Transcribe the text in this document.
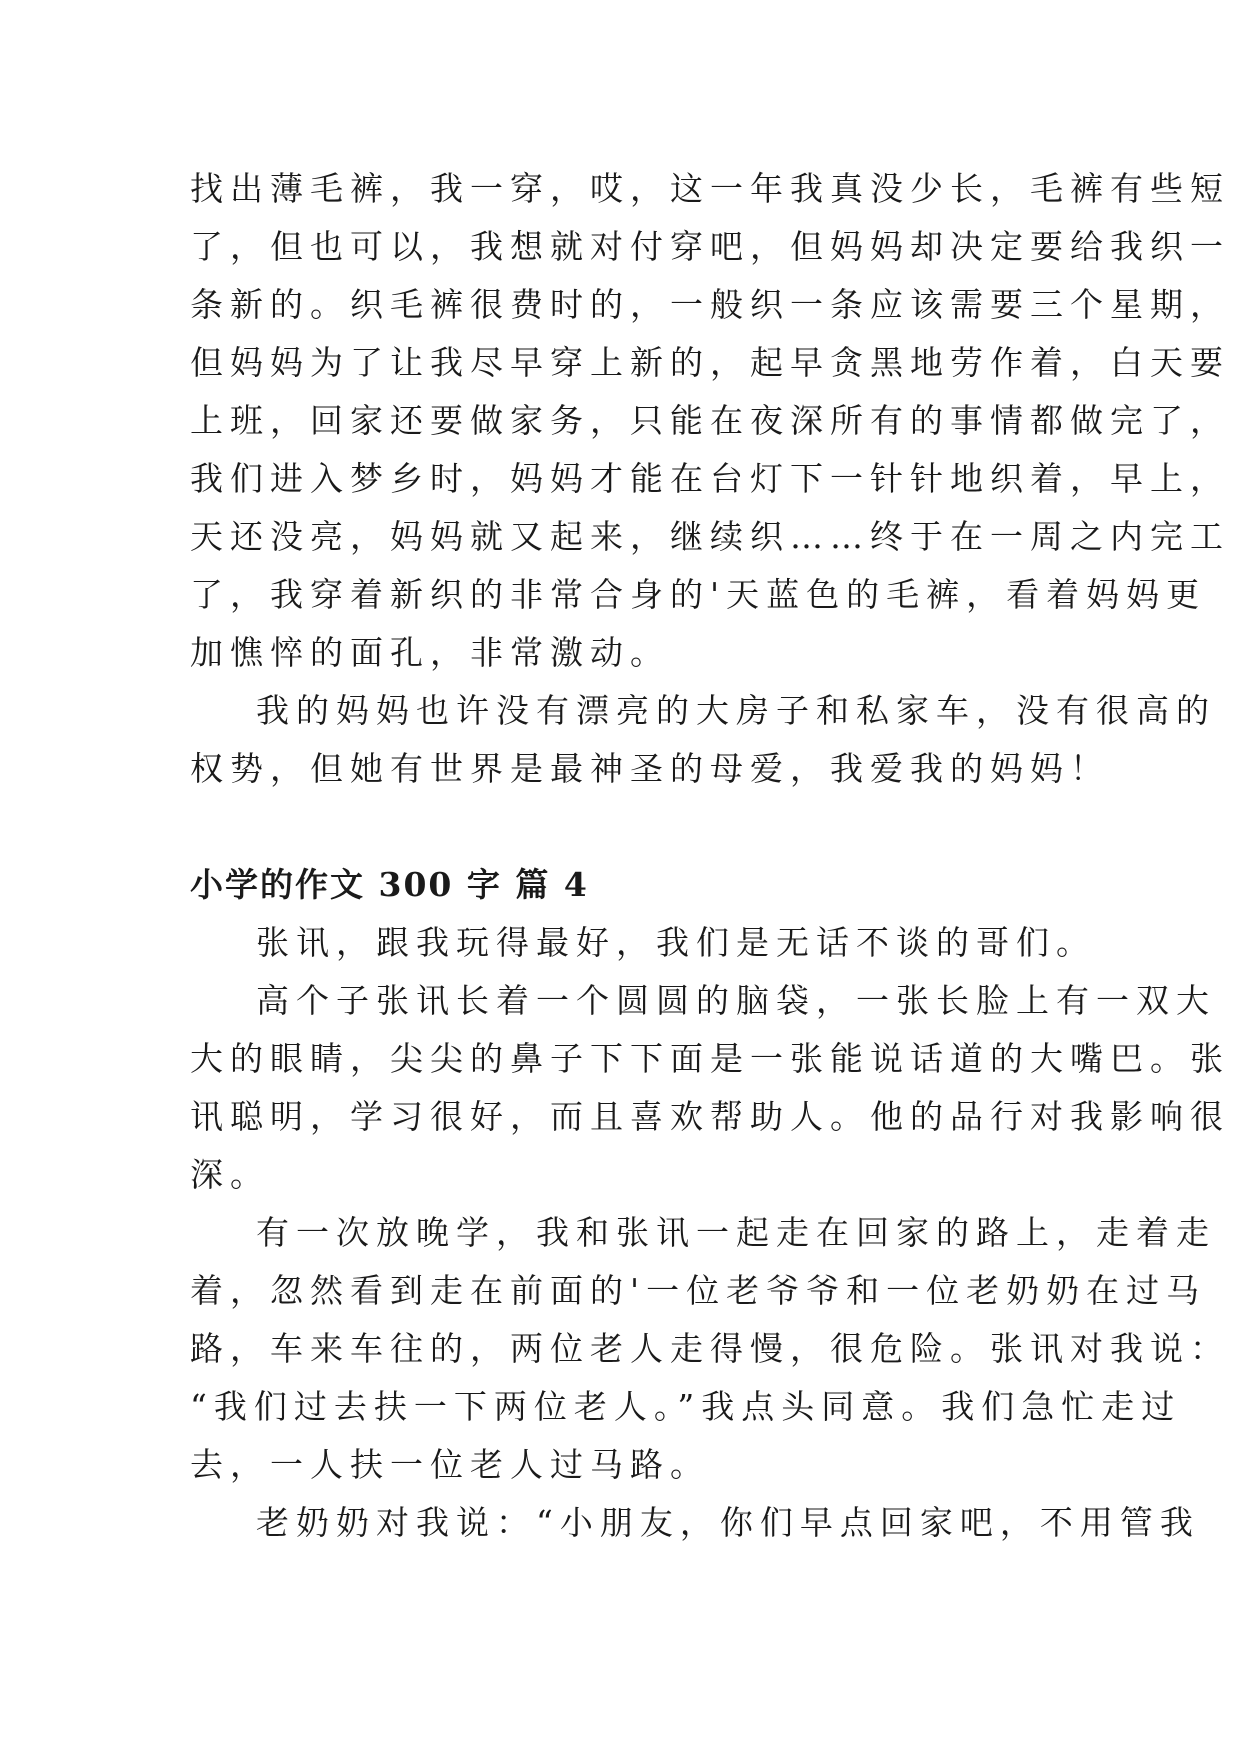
找出薄毛裤，我一穿，哎，这一年我真没少长，毛裤有些短
了，但也可以，我想就对付穿吧，但妈妈却决定要给我织一
条新的。织毛裤很费时的，一般织一条应该需要三个星期，
但妈妈为了让我尽早穿上新的，起早贪黑地劳作着，白天要
上班，回家还要做家务，只能在夜深所有的事情都做完了，
我们进入梦乡时，妈妈才能在台灯下一针针地织着，早上，
天还没亮，妈妈就又起来，继续织……终于在一周之内完工
了，我穿着新织的非常合身的'天蓝色的毛裤，看着妈妈更
加憔悴的面孔，非常激动。

我的妈妈也许没有漂亮的大房子和私家车，没有很高的
权势，但她有世界是最神圣的母爱，我爱我的妈妈！

小学的作文 300 字 篇 4

张讯，跟我玩得最好，我们是无话不谈的哥们。

高个子张讯长着一个圆圆的脑袋，一张长脸上有一双大
大的眼睛，尖尖的鼻子下下面是一张能说话道的大嘴巴。张
讯聪明，学习很好，而且喜欢帮助人。他的品行对我影响很
深。

有一次放晚学，我和张讯一起走在回家的路上，走着走
着，忽然看到走在前面的'一位老爷爷和一位老奶奶在过马
路，车来车往的，两位老人走得慢，很危险。张讯对我说：
“我们过去扶一下两位老人。”我点头同意。我们急忙走过
去，一人扶一位老人过马路。

老奶奶对我说：“小朋友，你们早点回家吧，不用管我
